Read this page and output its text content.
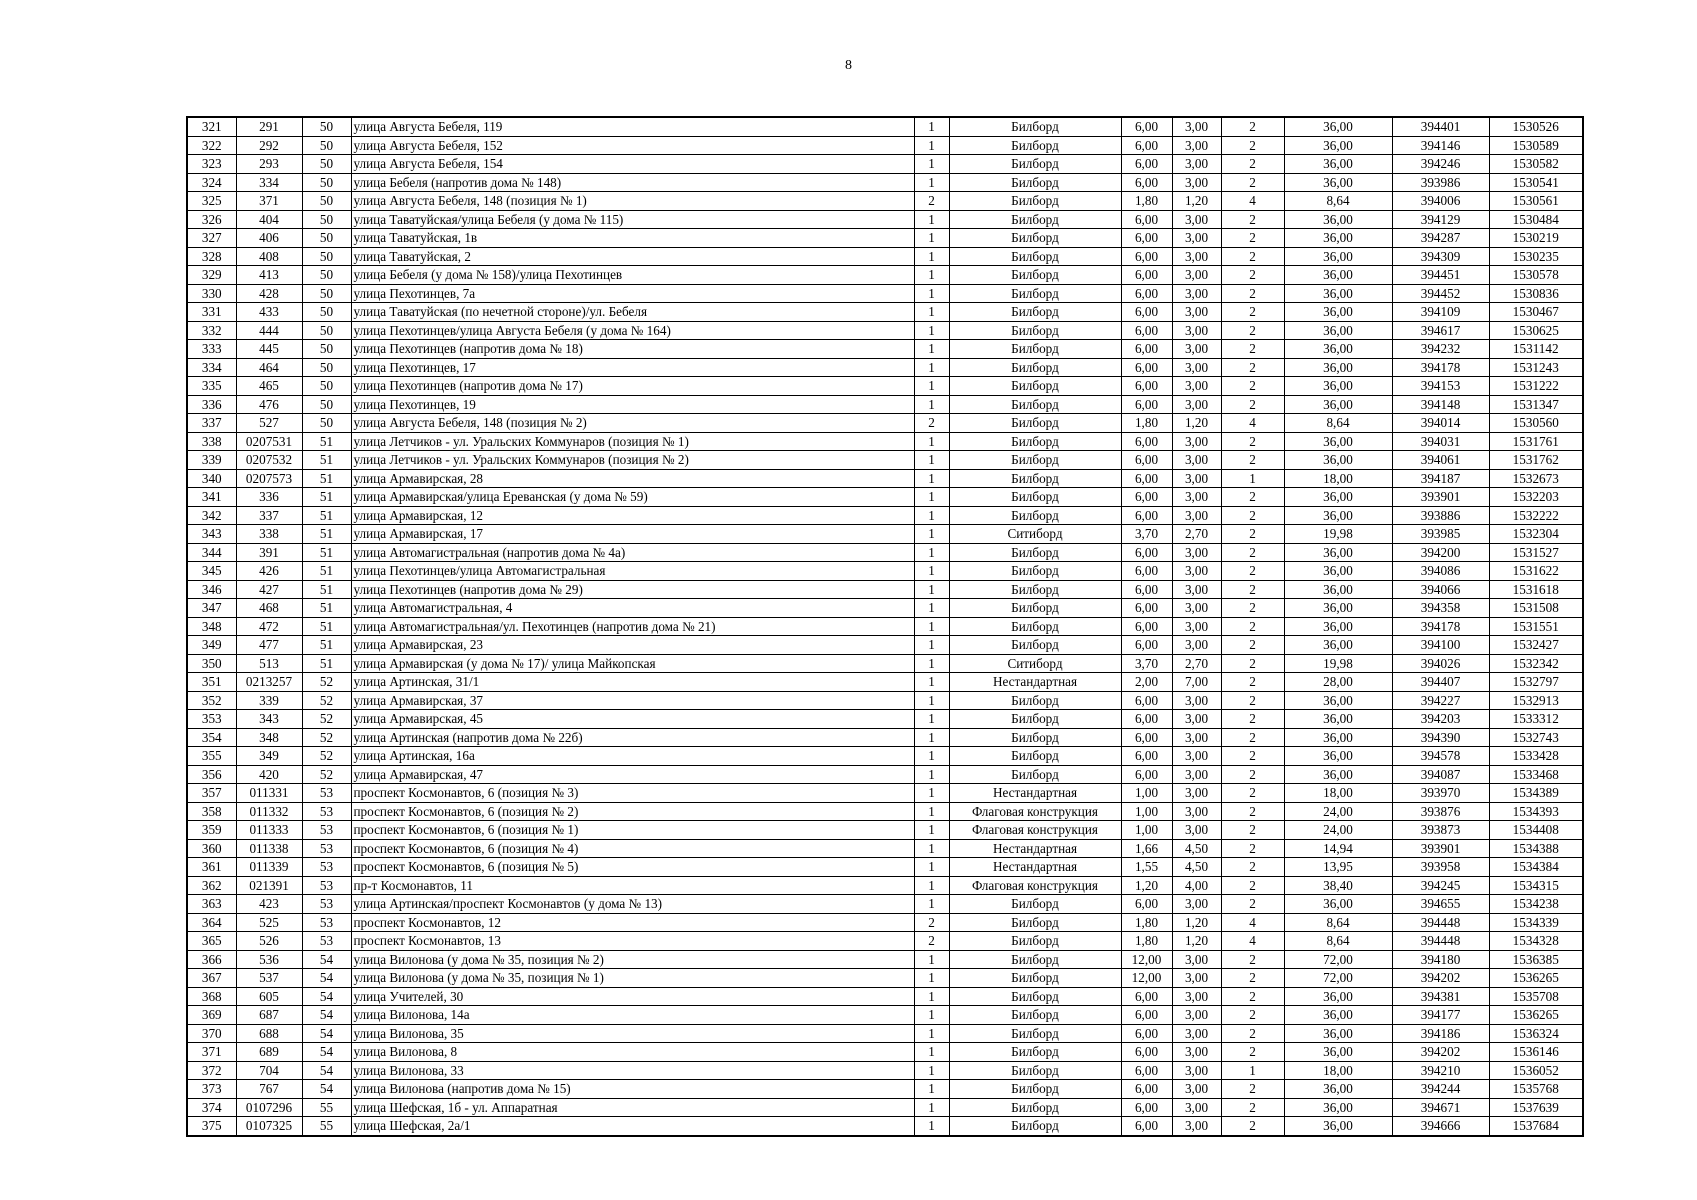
8
321	291	50	улица Августа Бебеля, 119	1	Билборд	6,00	3,00	2	36,00	394401	1530526
322	292	50	улица Августа Бебеля, 152	1	Билборд	6,00	3,00	2	36,00	394146	1530589
323	293	50	улица Августа Бебеля, 154	1	Билборд	6,00	3,00	2	36,00	394246	1530582
324	334	50	улица Бебеля (напротив дома № 148)	1	Билборд	6,00	3,00	2	36,00	393986	1530541
325	371	50	улица Августа Бебеля, 148 (позиция № 1)	2	Билборд	1,80	1,20	4	8,64	394006	1530561
326	404	50	улица Таватуйская/улица Бебеля (у дома № 115)	1	Билборд	6,00	3,00	2	36,00	394129	1530484
327	406	50	улица Таватуйская, 1в	1	Билборд	6,00	3,00	2	36,00	394287	1530219
328	408	50	улица Таватуйская, 2	1	Билборд	6,00	3,00	2	36,00	394309	1530235
329	413	50	улица Бебеля (у дома № 158)/улица Пехотинцев	1	Билборд	6,00	3,00	2	36,00	394451	1530578
330	428	50	улица Пехотинцев, 7а	1	Билборд	6,00	3,00	2	36,00	394452	1530836
331	433	50	улица Таватуйская (по нечетной стороне)/ул. Бебеля	1	Билборд	6,00	3,00	2	36,00	394109	1530467
332	444	50	улица Пехотинцев/улица Августа Бебеля (у дома № 164)	1	Билборд	6,00	3,00	2	36,00	394617	1530625
333	445	50	улица Пехотинцев (напротив дома № 18)	1	Билборд	6,00	3,00	2	36,00	394232	1531142
334	464	50	улица Пехотинцев, 17	1	Билборд	6,00	3,00	2	36,00	394178	1531243
335	465	50	улица Пехотинцев (напротив дома № 17)	1	Билборд	6,00	3,00	2	36,00	394153	1531222
336	476	50	улица Пехотинцев, 19	1	Билборд	6,00	3,00	2	36,00	394148	1531347
337	527	50	улица Августа Бебеля, 148 (позиция № 2)	2	Билборд	1,80	1,20	4	8,64	394014	1530560
338	0207531	51	улица Летчиков - ул. Уральских Коммунаров (позиция № 1)	1	Билборд	6,00	3,00	2	36,00	394031	1531761
339	0207532	51	улица Летчиков - ул. Уральских Коммунаров (позиция № 2)	1	Билборд	6,00	3,00	2	36,00	394061	1531762
340	0207573	51	улица Армавирская, 28	1	Билборд	6,00	3,00	1	18,00	394187	1532673
341	336	51	улица Армавирская/улица Ереванская (у дома № 59)	1	Билборд	6,00	3,00	2	36,00	393901	1532203
342	337	51	улица Армавирская, 12	1	Билборд	6,00	3,00	2	36,00	393886	1532222
343	338	51	улица Армавирская, 17	1	Ситиборд	3,70	2,70	2	19,98	393985	1532304
344	391	51	улица Автомагистральная (напротив дома № 4а)	1	Билборд	6,00	3,00	2	36,00	394200	1531527
345	426	51	улица Пехотинцев/улица Автомагистральная	1	Билборд	6,00	3,00	2	36,00	394086	1531622
346	427	51	улица Пехотинцев (напротив дома № 29)	1	Билборд	6,00	3,00	2	36,00	394066	1531618
347	468	51	улица Автомагистральная, 4	1	Билборд	6,00	3,00	2	36,00	394358	1531508
348	472	51	улица Автомагистральная/ул. Пехотинцев (напротив дома № 21)	1	Билборд	6,00	3,00	2	36,00	394178	1531551
349	477	51	улица Армавирская, 23	1	Билборд	6,00	3,00	2	36,00	394100	1532427
350	513	51	улица Армавирская (у дома № 17)/ улица Майкопская	1	Ситиборд	3,70	2,70	2	19,98	394026	1532342
351	0213257	52	улица Артинская, 31/1	1	Нестандартная	2,00	7,00	2	28,00	394407	1532797
352	339	52	улица Армавирская, 37	1	Билборд	6,00	3,00	2	36,00	394227	1532913
353	343	52	улица Армавирская, 45	1	Билборд	6,00	3,00	2	36,00	394203	1533312
354	348	52	улица Артинская (напротив дома № 22б)	1	Билборд	6,00	3,00	2	36,00	394390	1532743
355	349	52	улица Артинская, 16а	1	Билборд	6,00	3,00	2	36,00	394578	1533428
356	420	52	улица Армавирская, 47	1	Билборд	6,00	3,00	2	36,00	394087	1533468
357	011331	53	проспект Космонавтов, 6 (позиция № 3)	1	Нестандартная	1,00	3,00	2	18,00	393970	1534389
358	011332	53	проспект Космонавтов, 6 (позиция № 2)	1	Флаговая конструкция	1,00	3,00	2	24,00	393876	1534393
359	011333	53	проспект Космонавтов, 6 (позиция № 1)	1	Флаговая конструкция	1,00	3,00	2	24,00	393873	1534408
360	011338	53	проспект Космонавтов, 6 (позиция № 4)	1	Нестандартная	1,66	4,50	2	14,94	393901	1534388
361	011339	53	проспект Космонавтов, 6 (позиция № 5)	1	Нестандартная	1,55	4,50	2	13,95	393958	1534384
362	021391	53	пр-т Космонавтов, 11	1	Флаговая конструкция	1,20	4,00	2	38,40	394245	1534315
363	423	53	улица Артинская/проспект Космонавтов (у дома № 13)	1	Билборд	6,00	3,00	2	36,00	394655	1534238
364	525	53	проспект Космонавтов, 12	2	Билборд	1,80	1,20	4	8,64	394448	1534339
365	526	53	проспект Космонавтов, 13	2	Билборд	1,80	1,20	4	8,64	394448	1534328
366	536	54	улица Вилонова (у дома № 35, позиция № 2)	1	Билборд	12,00	3,00	2	72,00	394180	1536385
367	537	54	улица Вилонова (у дома № 35, позиция № 1)	1	Билборд	12,00	3,00	2	72,00	394202	1536265
368	605	54	улица Учителей, 30	1	Билборд	6,00	3,00	2	36,00	394381	1535708
369	687	54	улица Вилонова, 14а	1	Билборд	6,00	3,00	2	36,00	394177	1536265
370	688	54	улица Вилонова, 35	1	Билборд	6,00	3,00	2	36,00	394186	1536324
371	689	54	улица Вилонова, 8	1	Билборд	6,00	3,00	2	36,00	394202	1536146
372	704	54	улица Вилонова, 33	1	Билборд	6,00	3,00	1	18,00	394210	1536052
373	767	54	улица Вилонова (напротив дома № 15)	1	Билборд	6,00	3,00	2	36,00	394244	1535768
374	0107296	55	улица Шефская, 1б - ул. Аппаратная	1	Билборд	6,00	3,00	2	36,00	394671	1537639
375	0107325	55	улица Шефская, 2а/1	1	Билборд	6,00	3,00	2	36,00	394666	1537684
